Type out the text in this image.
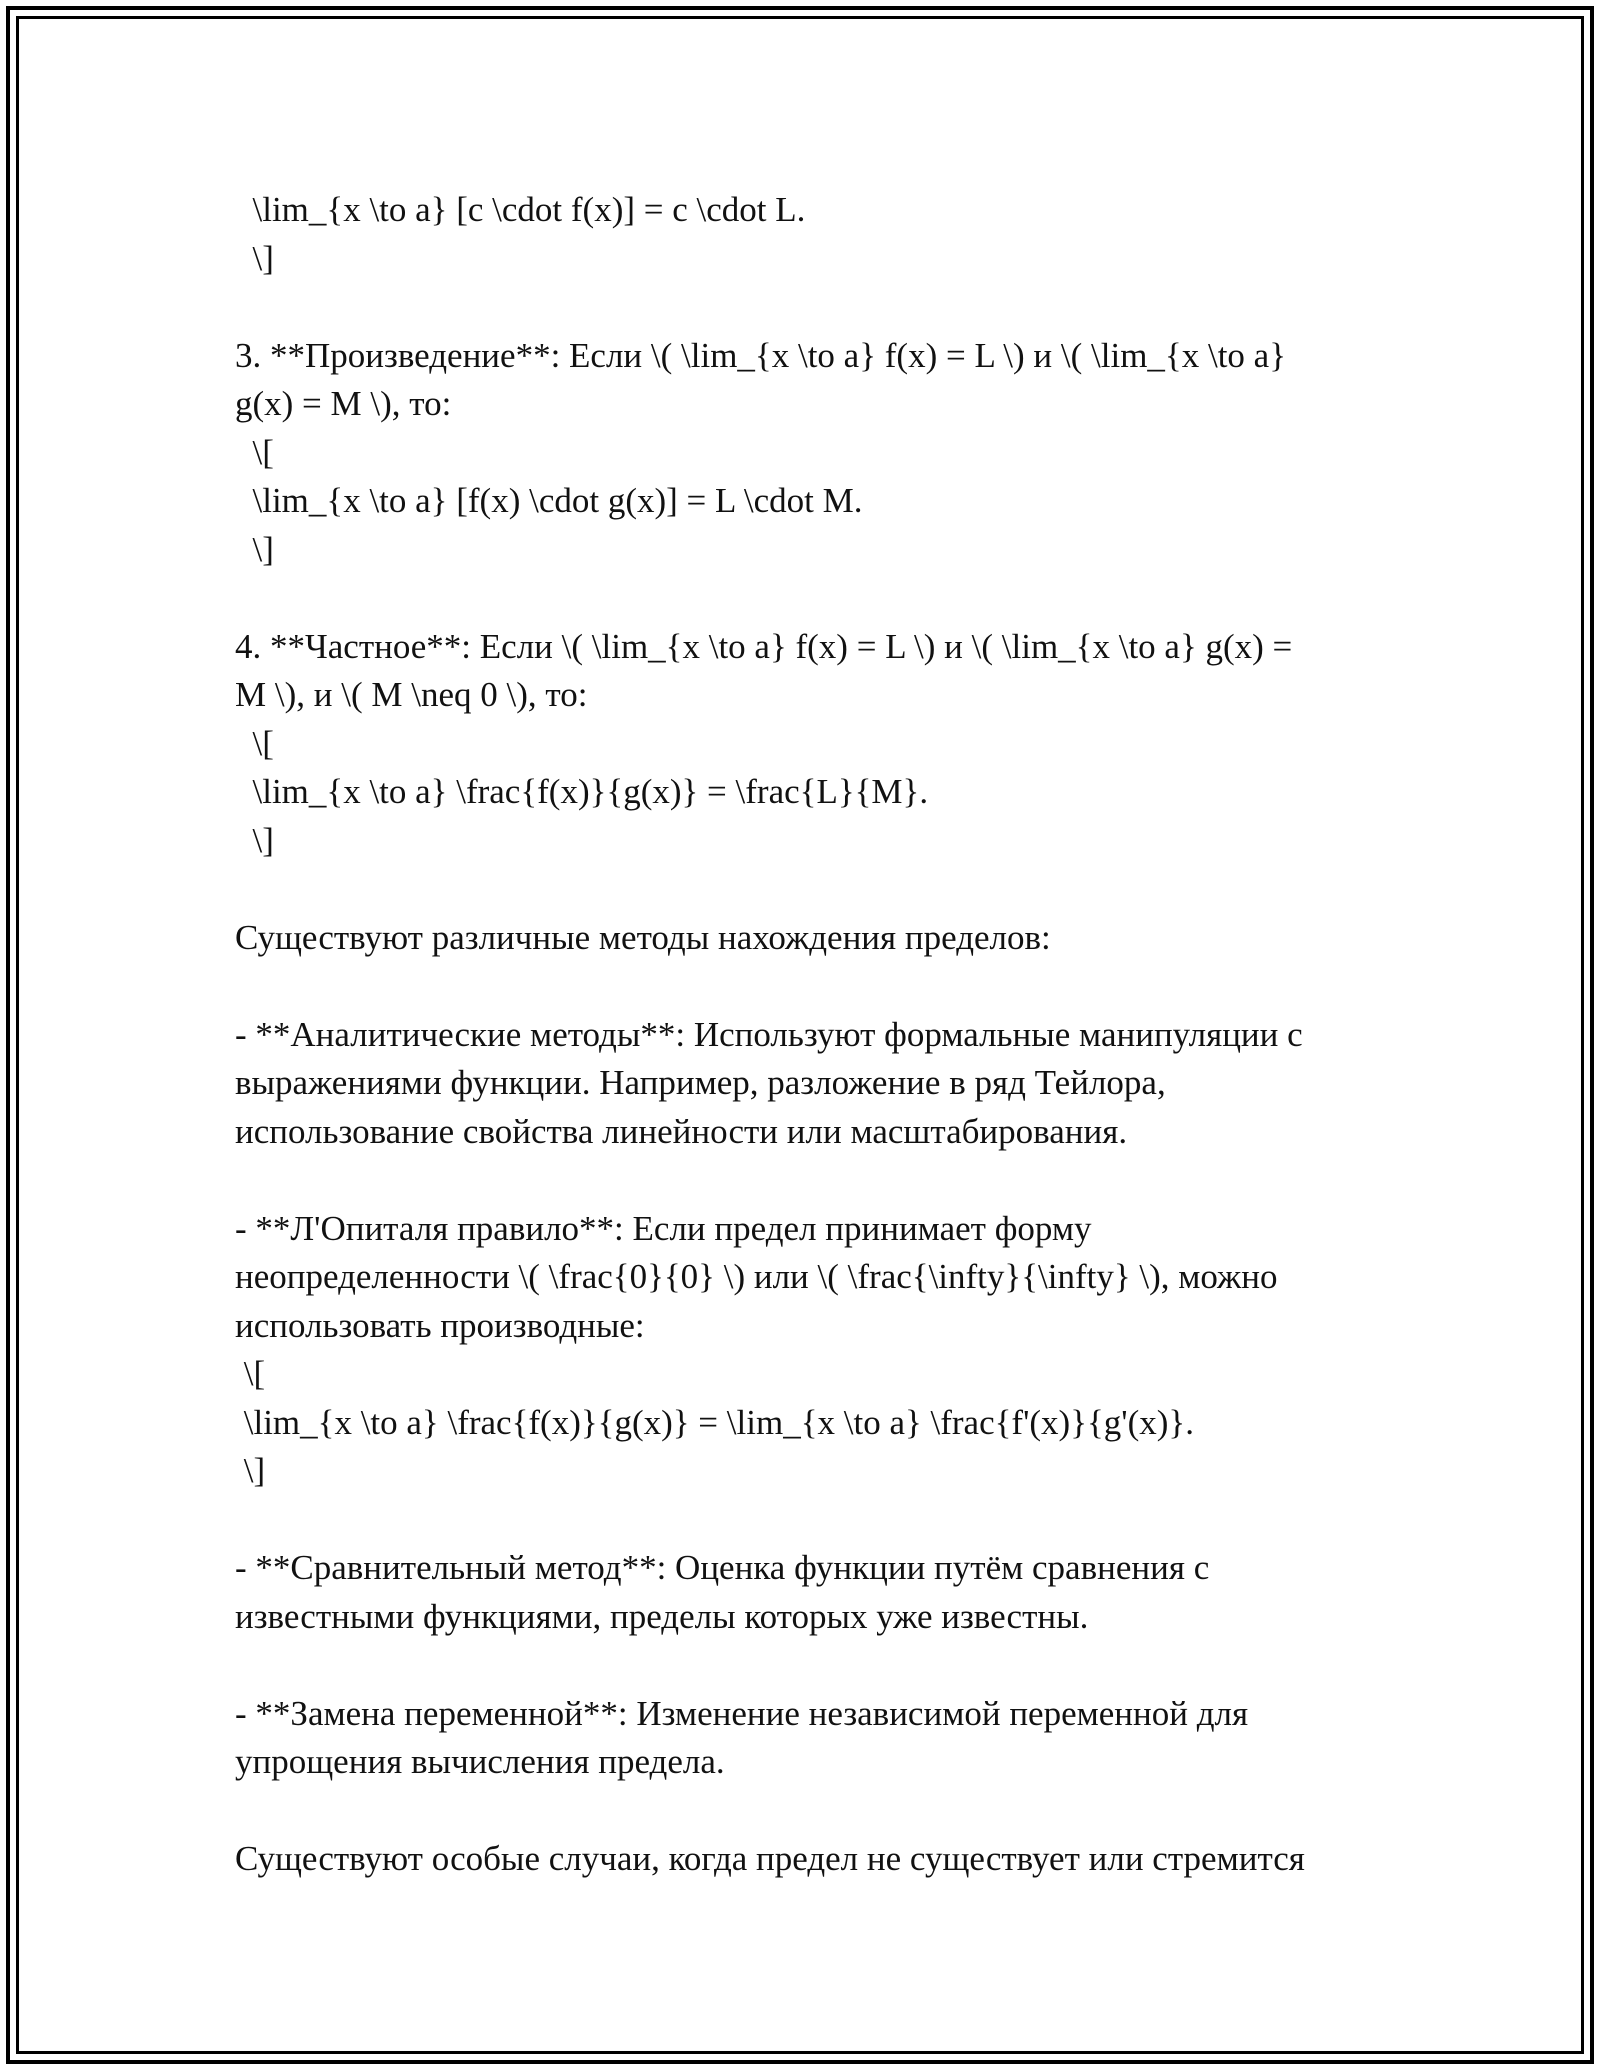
\lim_{x \to a} [c \cdot f(x)] = c \cdot L.
\]
3. **Произведение**: Если \( \lim_{x \to a} f(x) = L \) и \( \lim_{x \to a}
g(x) = M \), то:
\[
\lim_{x \to a} [f(x) \cdot g(x)] = L \cdot M.
\]
4. **Частное**: Если \( \lim_{x \to a} f(x) = L \) и \( \lim_{x \to a} g(x) =
M \), и \( M \neq 0 \), то:
\[
\lim_{x \to a} \frac{f(x)}{g(x)} = \frac{L}{M}.
\]
Существуют различные методы нахождения пределов:
- **Аналитические методы**: Используют формальные манипуляции с
выражениями функции. Например, разложение в ряд Тейлора,
использование свойства линейности или масштабирования.
- **Л'Опиталя правило**: Если предел принимает форму
неопределенности \( \frac{0}{0} \) или \( \frac{\infty}{\infty} \), можно
использовать производные:
\[
\lim_{x \to a} \frac{f(x)}{g(x)} = \lim_{x \to a} \frac{f'(x)}{g'(x)}.
\]
- **Сравнительный метод**: Оценка функции путём сравнения с
известными функциями, пределы которых уже известны.
- **Замена переменной**: Изменение независимой переменной для
упрощения вычисления предела.
Существуют особые случаи, когда предел не существует или стремится
